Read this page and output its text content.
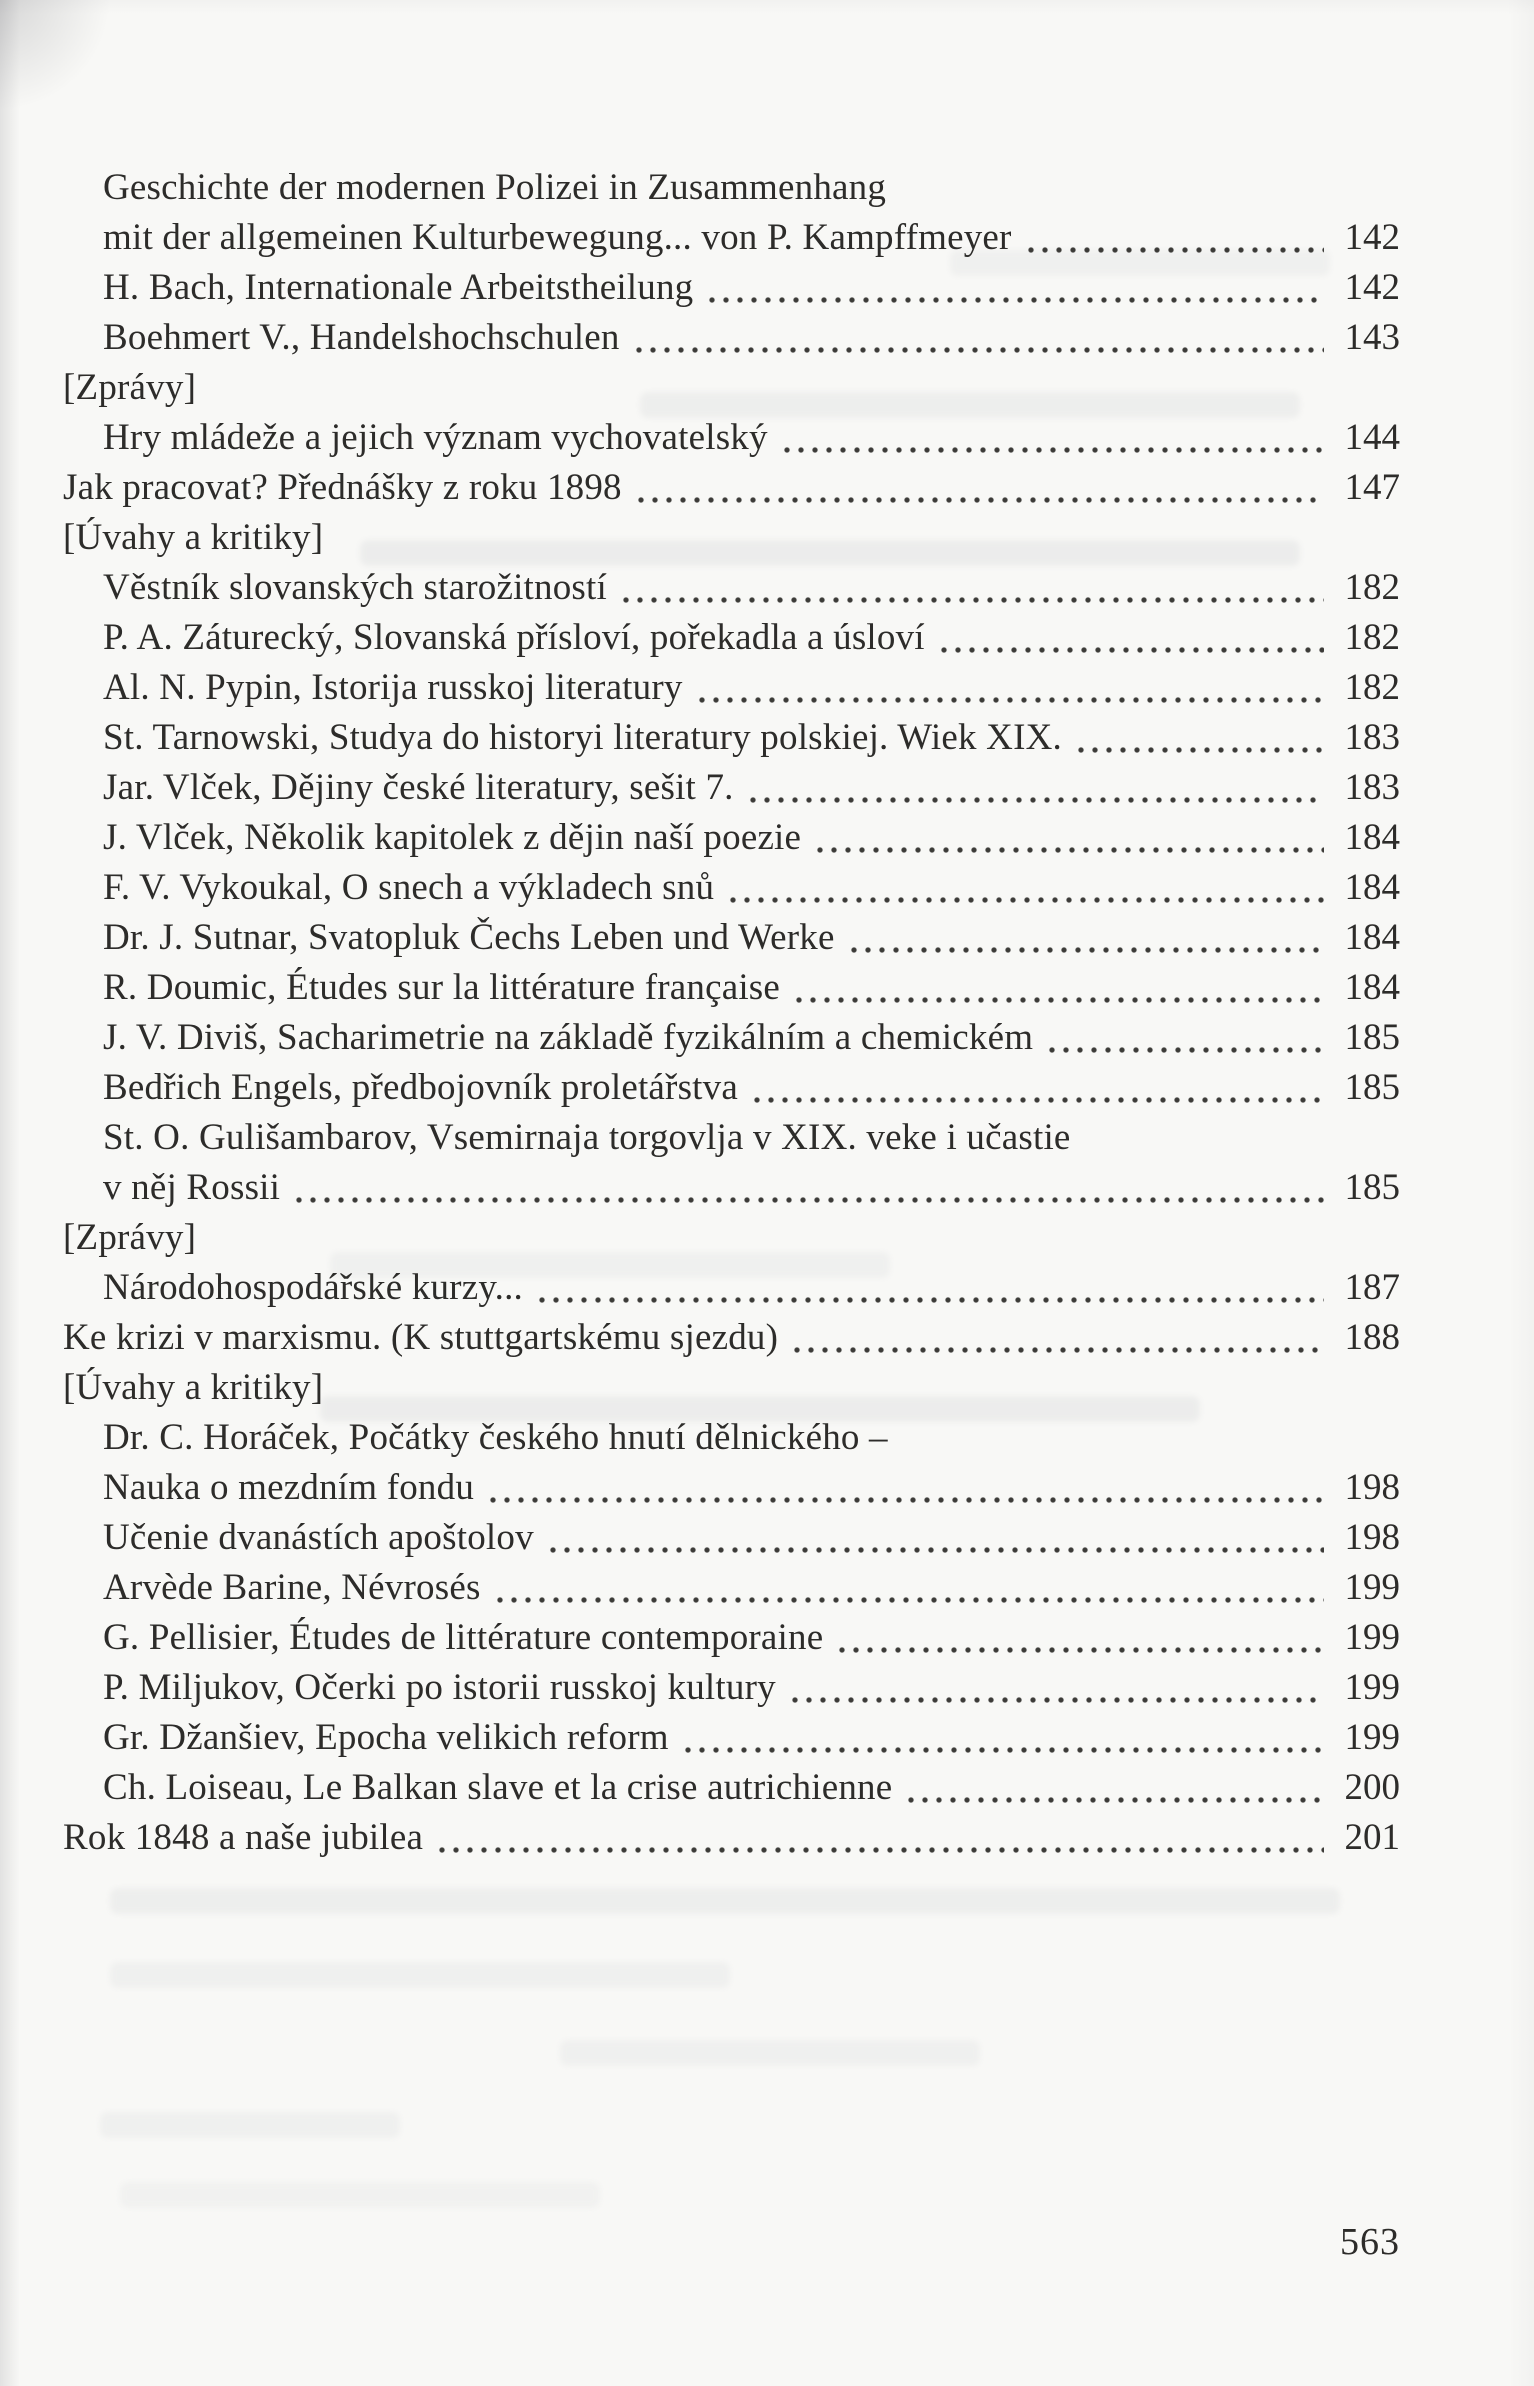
Geschichte der modernen Polizei in Zusammenhang
mit der allgemeinen Kulturbewegung... von P. Kampffmeyer	142
H. Bach, Internationale Arbeitstheilung	142
Boehmert V., Handelshochschulen	143
[Zprávy]
Hry mládeže a jejich význam vychovatelský	144
Jak pracovat? Přednášky z roku 1898	147
[Úvahy a kritiky]
Věstník slovanských starožitností	182
P. A. Záturecký, Slovanská přísloví, pořekadla a úsloví	182
Al. N. Pypin, Istorija russkoj literatury	182
St. Tarnowski, Studya do historyi literatury polskiej. Wiek XIX.	183
Jar. Vlček, Dějiny české literatury, sešit 7.	183
J. Vlček, Několik kapitolek z dějin naší poezie	184
F. V. Vykoukal, O snech a výkladech snů	184
Dr. J. Sutnar, Svatopluk Čechs Leben und Werke	184
R. Doumic, Études sur la littérature française	184
J. V. Diviš, Sacharimetrie na základě fyzikálním a chemickém	185
Bedřich Engels, předbojovník proletářstva	185
St. O. Gulišambarov, Vsemirnaja torgovlja v XIX. veke i učastie
v něj Rossii	185
[Zprávy]
Národohospodářské kurzy...	187
Ke krizi v marxismu. (K stuttgartskému sjezdu)	188
[Úvahy a kritiky]
Dr. C. Horáček, Počátky českého hnutí dělnického –
Nauka o mezdním fondu	198
Učenie dvanástích apoštolov	198
Arvède Barine, Névrosés	199
G. Pellisier, Études de littérature contemporaine	199
P. Miljukov, Očerki po istorii russkoj kultury	199
Gr. Džanšiev, Epocha velikich reform	199
Ch. Loiseau, Le Balkan slave et la crise autrichienne	200
Rok 1848 a naše jubilea	201
563
